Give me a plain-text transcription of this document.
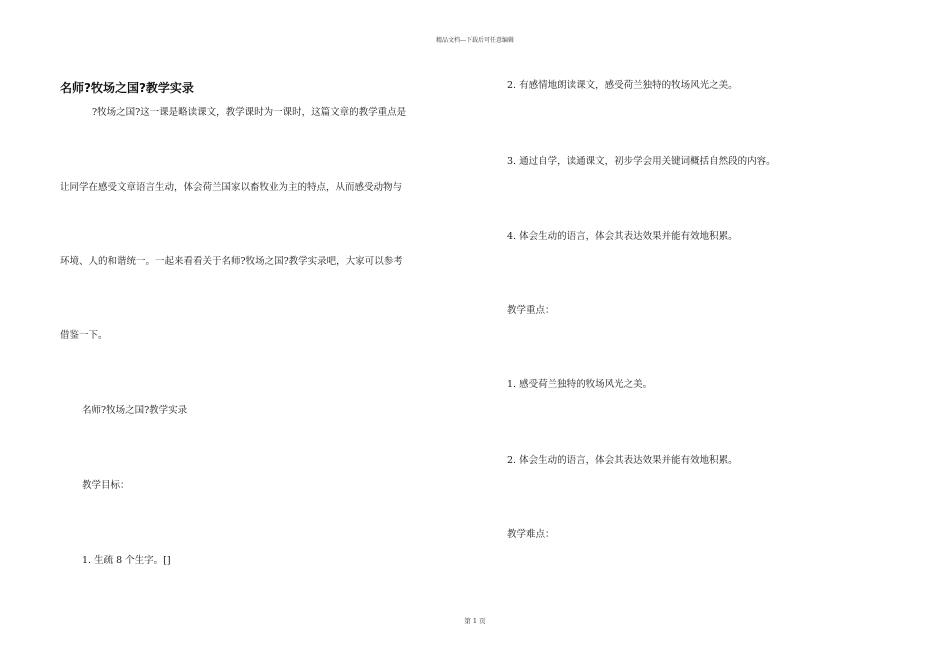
精品文档---下载后可任意编辑
名师?牧场之国?教学实录
?牧场之国?这一课是略读课文，教学课时为一课时，这篇文章的教学重点是
让同学在感受文章语言生动，体会荷兰国家以畜牧业为主的特点，从而感受动物与
环境、人的和谐统一。一起来看看关于名师?牧场之国?教学实录吧，大家可以参考
借鉴一下。
名师?牧场之国?教学实录
教学目标：
1. 生疏 8 个生字。[]
2. 有感情地朗读课文，感受荷兰独特的牧场风光之美。
3. 通过自学，读通课文，初步学会用关键词概括自然段的内容。
4. 体会生动的语言，体会其表达效果并能有效地积累。
教学重点：
1. 感受荷兰独特的牧场风光之美。
2. 体会生动的语言，体会其表达效果并能有效地积累。
教学难点：
第 1 页
